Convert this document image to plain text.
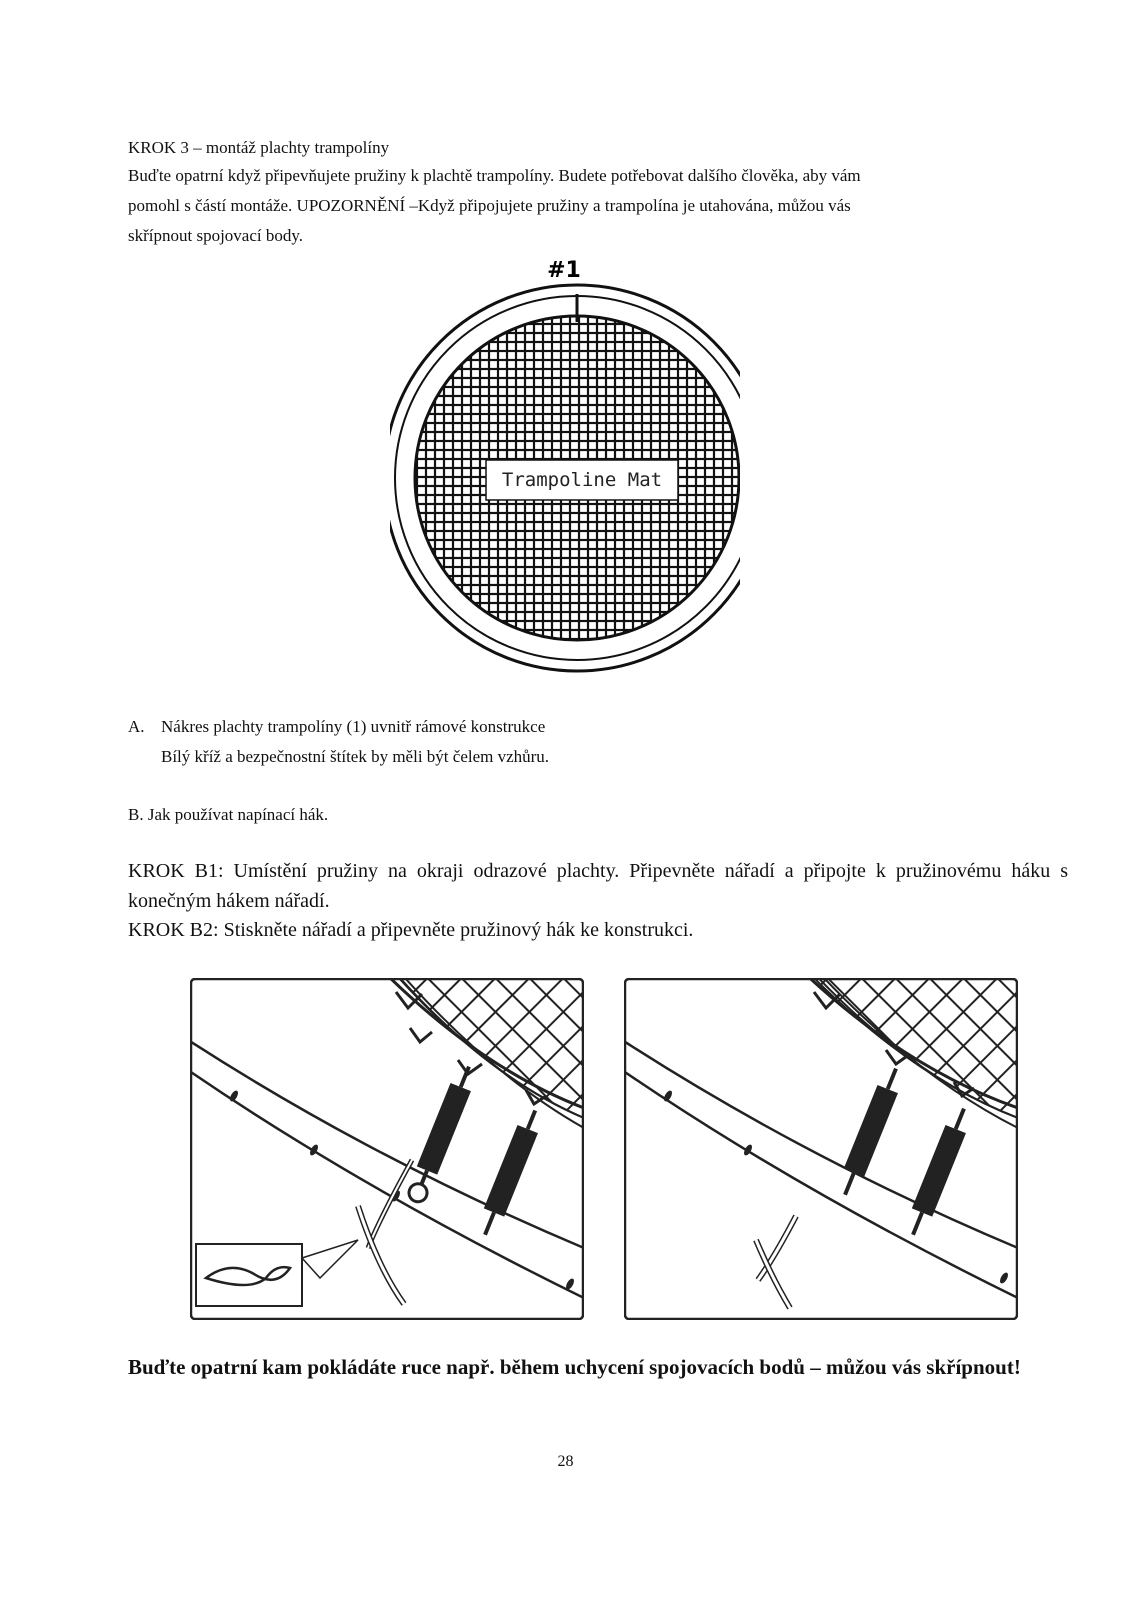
KROK 3 – montáž plachty trampolíny

Buďte opatrní když připevňujete pružiny k plachtě trampolíny. Budete potřebovat dalšího člověka, aby vám

pomohl s částí montáže. UPOZORNĚNÍ –Když připojujete pružiny a trampolína je utahována, můžou vás

skřípnout spojovací body.

#1
Trampoline Mat
A. Nákres plachty trampolíny (1) uvnitř rámové konstrukce
Bílý kříž a bezpečnostní štítek by měli být čelem vzhůru.
B. Jak používat napínací hák.
KROK B1: Umístění pružiny na okraji odrazové plachty. Připevněte nářadí a připojte k pružinovému háku s konečným hákem nářadí.
KROK B2: Stiskněte nářadí a připevněte pružinový hák ke konstrukci.
Buďte opatrní kam pokládáte ruce např. během uchycení spojovacích bodů – můžou vás skřípnout!
28
